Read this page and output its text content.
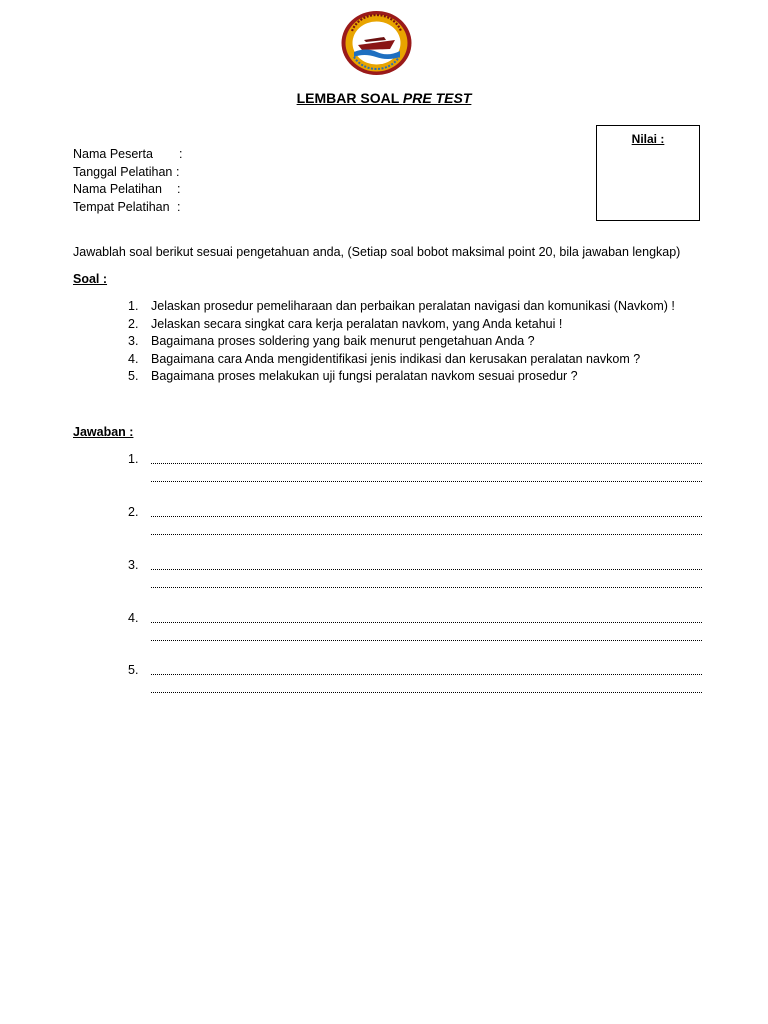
LEMBAR SOAL PRE TEST
Nilai :
Nama Peserta
Tanggal Pelatihan
Nama Pelatihan
Tempat Pelatihan
:
:
:
:
Jawablah soal berikut sesuai pengetahuan anda, (Setiap soal bobot maksimal point 20, bila jawaban lengkap)
Soal :
1. Jelaskan prosedur pemeliharaan dan perbaikan peralatan navigasi dan komunikasi (Navkom) !
2. Jelaskan secara singkat cara kerja peralatan navkom, yang Anda ketahui !
3. Bagaimana proses soldering yang baik menurut pengetahuan Anda ?
4. Bagaimana cara Anda mengidentifikasi jenis indikasi dan kerusakan peralatan navkom ?
5. Bagaimana proses melakukan uji fungsi peralatan navkom sesuai prosedur ?
Jawaban :
1.
2.
3.
4.
5.
